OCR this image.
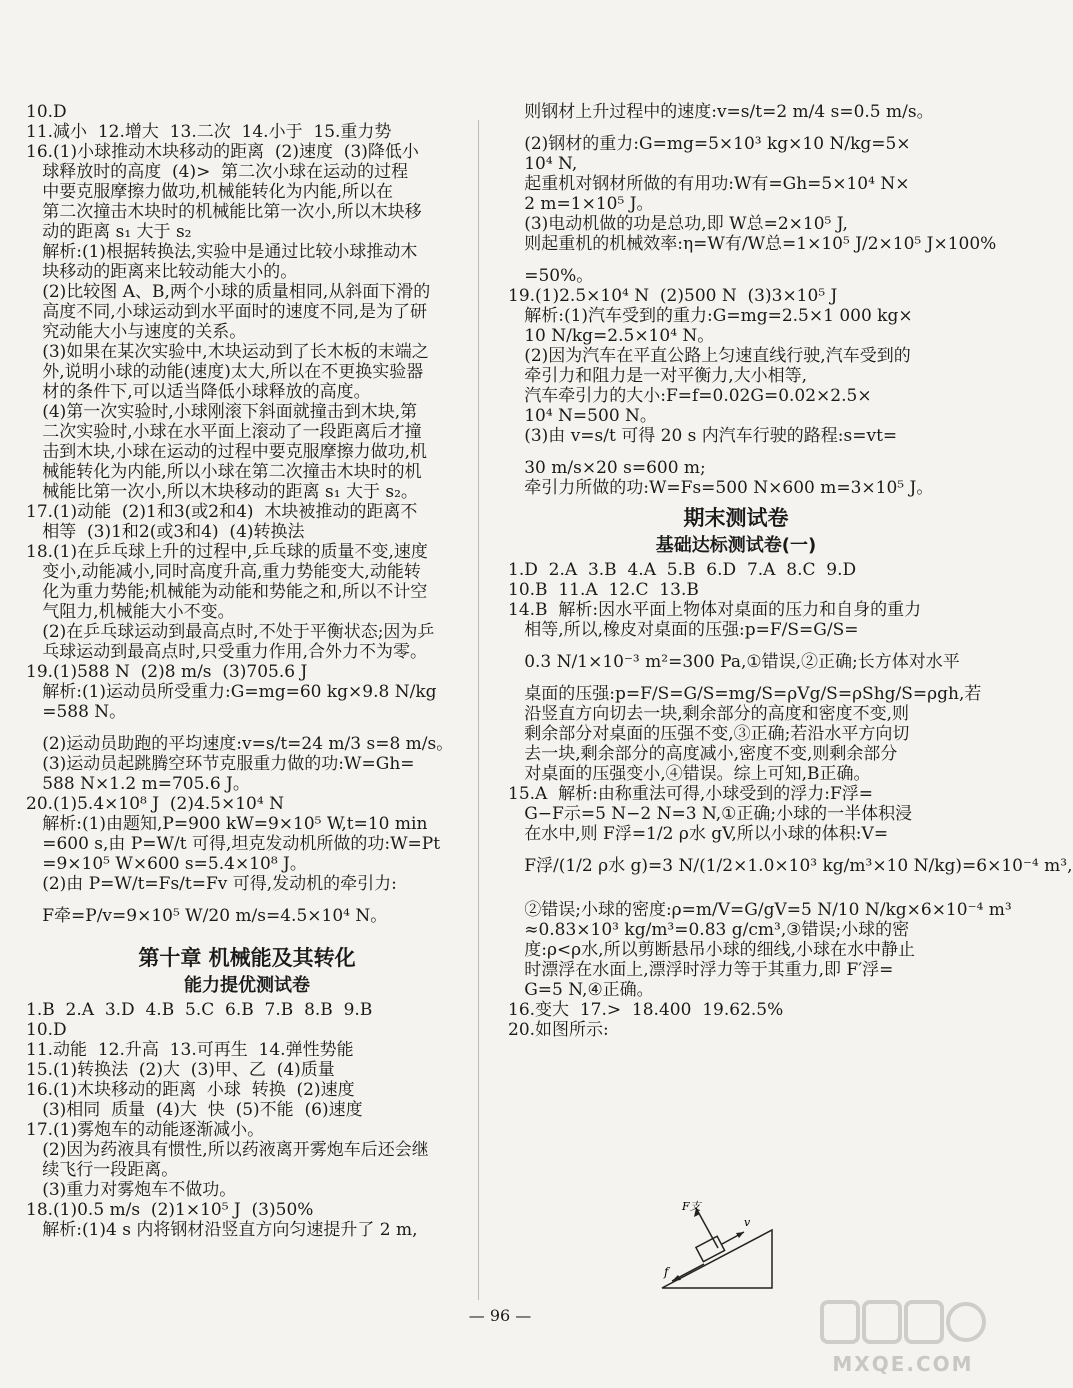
10.D
11.减小  12.增大  13.二次  14.小于  15.重力势
16.(1)小球推动木块移动的距离  (2)速度  (3)降低小
球释放时的高度  (4)>  第二次小球在运动的过程
中要克服摩擦力做功,机械能转化为内能,所以在
第二次撞击木块时的机械能比第一次小,所以木块移
动的距离 s₁ 大于 s₂
解析:(1)根据转换法,实验中是通过比较小球推动木
块移动的距离来比较动能大小的。
(2)比较图 A、B,两个小球的质量相同,从斜面下滑的
高度不同,小球运动到水平面时的速度不同,是为了研
究动能大小与速度的关系。
(3)如果在某次实验中,木块运动到了长木板的末端之
外,说明小球的动能(速度)太大,所以在不更换实验器
材的条件下,可以适当降低小球释放的高度。
(4)第一次实验时,小球刚滚下斜面就撞击到木块,第
二次实验时,小球在水平面上滚动了一段距离后才撞
击到木块,小球在运动的过程中要克服摩擦力做功,机
械能转化为内能,所以小球在第二次撞击木块时的机
械能比第一次小,所以木块移动的距离 s₁ 大于 s₂。
17.(1)动能  (2)1和3(或2和4)  木块被推动的距离不
相等  (3)1和2(或3和4)  (4)转换法
18.(1)在乒乓球上升的过程中,乒乓球的质量不变,速度
变小,动能减小,同时高度升高,重力势能变大,动能转
化为重力势能;机械能为动能和势能之和,所以不计空
气阻力,机械能大小不变。
(2)在乒乓球运动到最高点时,不处于平衡状态;因为乒
乓球运动到最高点时,只受重力作用,合外力不为零。
19.(1)588 N  (2)8 m/s  (3)705.6 J
解析:(1)运动员所受重力:G=mg=60 kg×9.8 N/kg
=588 N。
(2)运动员助跑的平均速度:v=s/t=24 m/3 s=8 m/s。
(3)运动员起跳腾空环节克服重力做的功:W=Gh=
588 N×1.2 m=705.6 J。
20.(1)5.4×10⁸ J  (2)4.5×10⁴ N
解析:(1)由题知,P=900 kW=9×10⁵ W,t=10 min
=600 s,由 P=W/t 可得,坦克发动机所做的功:W=Pt
=9×10⁵ W×600 s=5.4×10⁸ J。
(2)由 P=W/t=Fs/t=Fv 可得,发动机的牵引力:
F牵=P/v=9×10⁵ W/20 m/s=4.5×10⁴ N。
第十章 机械能及其转化
能力提优测试卷
1.B  2.A  3.D  4.B  5.C  6.B  7.B  8.B  9.B
10.D
11.动能  12.升高  13.可再生  14.弹性势能
15.(1)转换法  (2)大  (3)甲、乙  (4)质量
16.(1)木块移动的距离  小球  转换  (2)速度
(3)相同  质量  (4)大  快  (5)不能  (6)速度
17.(1)雾炮车的动能逐渐减小。
(2)因为药液具有惯性,所以药液离开雾炮车后还会继
续飞行一段距离。
(3)重力对雾炮车不做功。
18.(1)0.5 m/s  (2)1×10⁵ J  (3)50%
解析:(1)4 s 内将钢材沿竖直方向匀速提升了 2 m,
则钢材上升过程中的速度:v=s/t=2 m/4 s=0.5 m/s。
(2)钢材的重力:G=mg=5×10³ kg×10 N/kg=5×
10⁴ N,
起重机对钢材所做的有用功:W有=Gh=5×10⁴ N×
2 m=1×10⁵ J。
(3)电动机做的功是总功,即 W总=2×10⁵ J,
则起重机的机械效率:η=W有/W总=1×10⁵ J/2×10⁵ J×100%
=50%。
19.(1)2.5×10⁴ N  (2)500 N  (3)3×10⁵ J
解析:(1)汽车受到的重力:G=mg=2.5×1 000 kg×
10 N/kg=2.5×10⁴ N。
(2)因为汽车在平直公路上匀速直线行驶,汽车受到的
牵引力和阻力是一对平衡力,大小相等,
汽车牵引力的大小:F=f=0.02G=0.02×2.5×
10⁴ N=500 N。
(3)由 v=s/t 可得 20 s 内汽车行驶的路程:s=vt=
30 m/s×20 s=600 m;
牵引力所做的功:W=Fs=500 N×600 m=3×10⁵ J。
期末测试卷
基础达标测试卷(一)
1.D  2.A  3.B  4.A  5.B  6.D  7.A  8.C  9.D
10.B  11.A  12.C  13.B
14.B  解析:因水平面上物体对桌面的压力和自身的重力
相等,所以,橡皮对桌面的压强:p=F/S=G/S=
0.3 N/1×10⁻³ m²=300 Pa,①错误,②正确;长方体对水平
桌面的压强:p=F/S=G/S=mg/S=ρVg/S=ρShg/S=ρgh,若
沿竖直方向切去一块,剩余部分的高度和密度不变,则
剩余部分对桌面的压强不变,③正确;若沿水平方向切
去一块,剩余部分的高度减小,密度不变,则剩余部分
对桌面的压强变小,④错误。综上可知,B正确。
15.A  解析:由称重法可得,小球受到的浮力:F浮=
G−F示=5 N−2 N=3 N,①正确;小球的一半体积浸
在水中,则 F浮=1/2 ρ水 gV,所以小球的体积:V=
F浮/(1/2 ρ水 g)=3 N/(1/2×1.0×10³ kg/m³×10 N/kg)=6×10⁻⁴ m³,
②错误;小球的密度:ρ=m/V=G/gV=5 N/10 N/kg×6×10⁻⁴ m³
≈0.83×10³ kg/m³=0.83 g/cm³,③错误;小球的密
度:ρ<ρ水,所以剪断悬吊小球的细线,小球在水中静止
时漂浮在水面上,漂浮时浮力等于其重力,即 F′浮=
G=5 N,④正确。
16.变大  17.>  18.400  19.62.5%
20.如图所示:
F支
v
f
— 96 —
MXQE.COM
